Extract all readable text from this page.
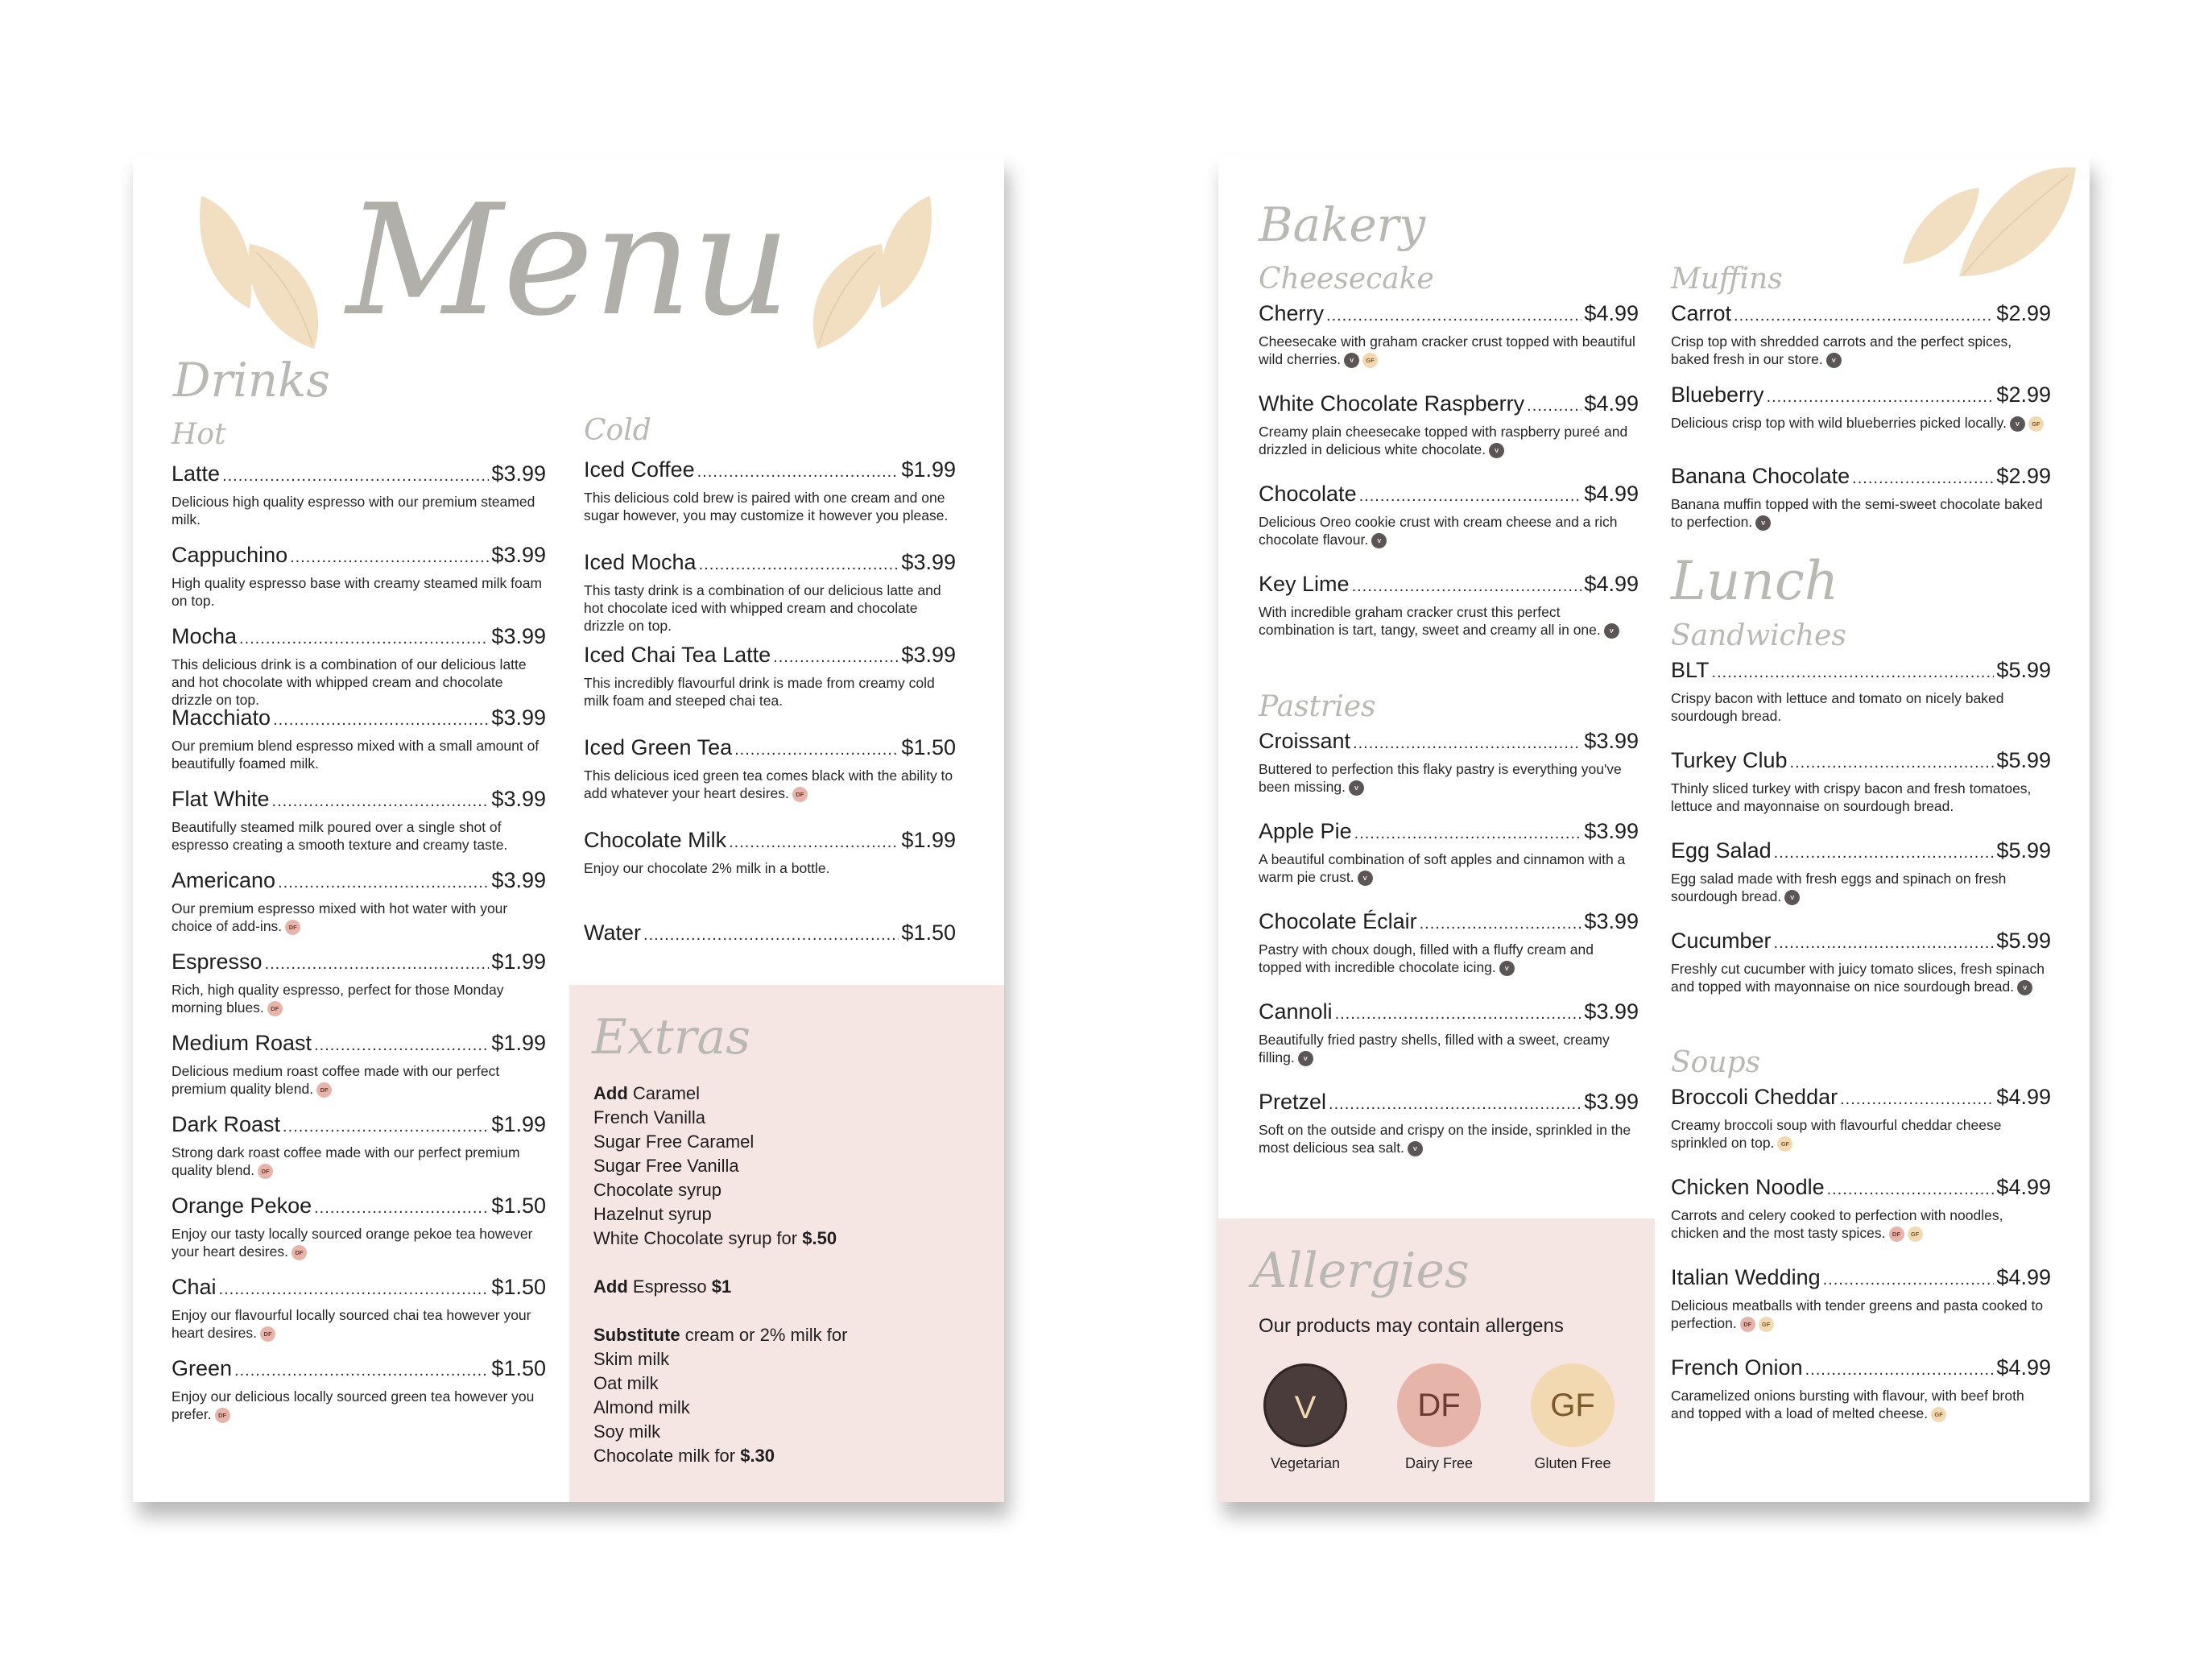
Menu
Drinks
Hot
Latte .....	$3.99
Delicious high quality espresso with our premium steamed milk.
Cappuchino .....	$3.99
High quality espresso base with creamy steamed milk foam on top.
Mocha .....	$3.99
This delicious drink is a combination of our delicious latte and hot chocolate with whipped cream and chocolate drizzle on top.
Macchiato .....	$3.99
Our premium blend espresso mixed with a small amount of beautifully foamed milk.
Flat White .....	$3.99
Beautifully steamed milk poured over a single shot of espresso creating a smooth texture and creamy taste.
Americano .....	$3.99
Our premium espresso mixed with hot water with your choice of add-ins. DF
Espresso .....	$1.99
Rich, high quality espresso, perfect for those Monday morning blues. DF
Medium Roast .....	$1.99
Delicious medium roast coffee made with our perfect premium quality blend. DF
Dark Roast .....	$1.99
Strong dark roast coffee made with our perfect premium quality blend. DF
Orange Pekoe .....	$1.50
Enjoy our tasty locally sourced orange pekoe tea however your heart desires. DF
Chai .....	$1.50
Enjoy our flavourful locally sourced chai tea however your heart desires. DF
Green .....	$1.50
Enjoy our delicious locally sourced green tea however you prefer. DF
Cold
Iced Coffee .....	$1.99
This delicious cold brew is paired with one cream and one sugar however, you may customize it however you please.
Iced Mocha .....	$3.99
This tasty drink is a combination of our delicious latte and hot chocolate iced with whipped cream and chocolate drizzle on top.
Iced Chai Tea Latte .....	$3.99
This incredibly flavourful drink is made from creamy cold milk foam and steeped chai tea.
Iced Green Tea .....	$1.50
This delicious iced green tea comes black with the ability to add whatever your heart desires. DF
Chocolate Milk .....	$1.99
Enjoy our chocolate 2% milk in a bottle.
Water .....	$1.50
Extras
Add Caramel
French Vanilla
Sugar Free Caramel
Sugar Free Vanilla
Chocolate syrup
Hazelnut syrup
White Chocolate syrup for $.50
Add Espresso $1
Substitute cream or 2% milk for
Skim milk
Oat milk
Almond milk
Soy milk
Chocolate milk for $.30
Bakery
Cheesecake
Cherry .....	$4.99
Cheesecake with graham cracker crust topped with beautiful wild cherries. V GF
White Chocolate Raspberry .....	$4.99
Creamy plain cheesecake topped with raspberry pureé and drizzled in delicious white chocolate. V
Chocolate .....	$4.99
Delicious Oreo cookie crust with cream cheese and a rich chocolate flavour. V
Key Lime .....	$4.99
With incredible graham cracker crust this perfect combination is tart, tangy, sweet and creamy all in one. V
Pastries
Croissant .....	$3.99
Buttered to perfection this flaky pastry is everything you've been missing. V
Apple Pie .....	$3.99
A beautiful combination of soft apples and cinnamon with a warm pie crust. V
Chocolate Éclair .....	$3.99
Pastry with choux dough, filled with a fluffy cream and topped with incredible chocolate icing. V
Cannoli .....	$3.99
Beautifully fried pastry shells, filled with a sweet, creamy filling. V
Pretzel .....	$3.99
Soft on the outside and crispy on the inside, sprinkled in the most delicious sea salt. V
Muffins
Carrot .....	$2.99
Crisp top with shredded carrots and the perfect spices, baked fresh in our store. V
Blueberry .....	$2.99
Delicious crisp top with wild blueberries picked locally. V GF
Banana Chocolate .....	$2.99
Banana muffin topped with the semi-sweet chocolate baked to perfection. V
Lunch
Sandwiches
BLT .....	$5.99
Crispy bacon with lettuce and tomato on nicely baked sourdough bread.
Turkey Club .....	$5.99
Thinly sliced turkey with crispy bacon and fresh tomatoes, lettuce and mayonnaise on sourdough bread.
Egg Salad .....	$5.99
Egg salad made with fresh eggs and spinach on fresh sourdough bread. V
Cucumber .....	$5.99
Freshly cut cucumber with juicy tomato slices, fresh spinach and topped with mayonnaise on nice sourdough bread. V
Soups
Broccoli Cheddar .....	$4.99
Creamy broccoli soup with flavourful cheddar cheese sprinkled on top. GF
Chicken Noodle .....	$4.99
Carrots and celery cooked to perfection with noodles, chicken and the most tasty spices. DF GF
Italian Wedding .....	$4.99
Delicious meatballs with tender greens and pasta cooked to perfection. DF GF
French Onion .....	$4.99
Caramelized onions bursting with flavour, with beef broth and topped with a load of melted cheese. GF
Allergies
Our products may contain allergens
V
Vegetarian
DF
Dairy Free
GF
Gluten Free
